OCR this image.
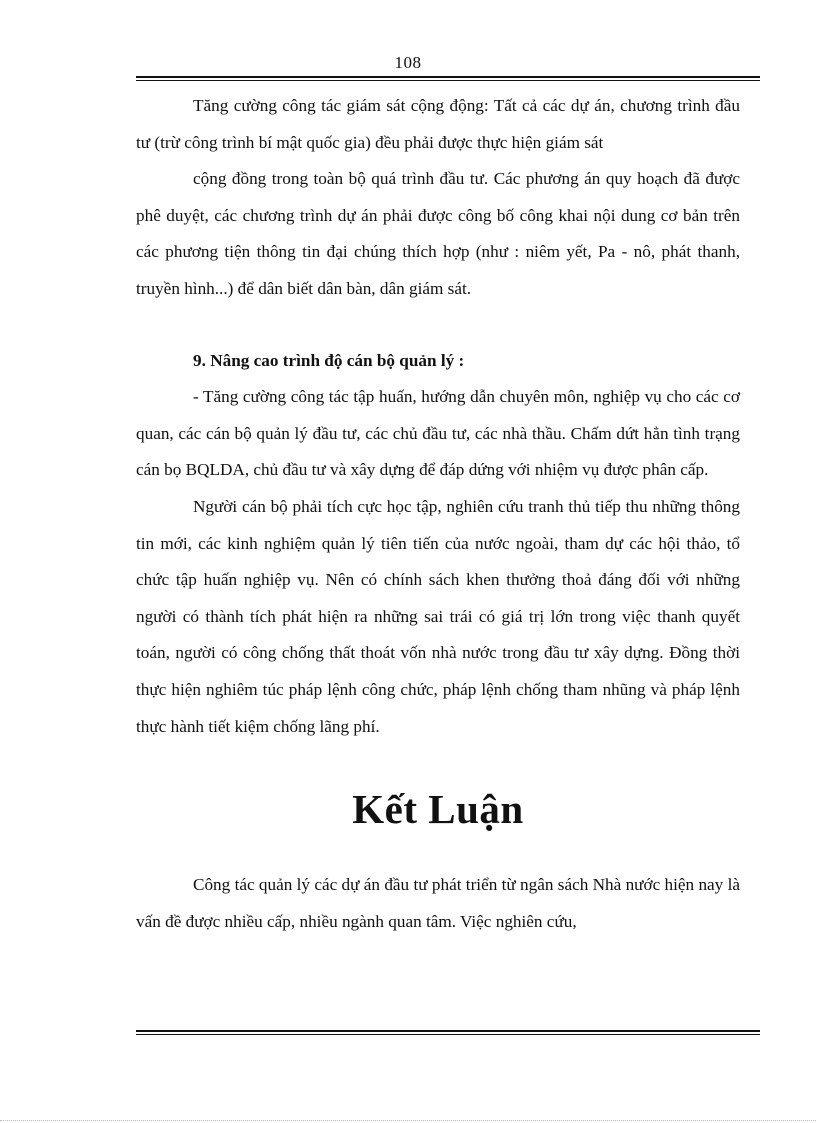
108

Tăng cường công tác giám sát cộng động: Tất cả các dự án, chương trình đầu tư (trừ công trình bí mật quốc gia) đều phải được thực hiện giám sát

cộng đồng trong toàn bộ quá trình đầu tư. Các phương án quy hoạch đã được phê duyệt, các chương trình dự án phải được công bố công khai nội dung cơ bản trên các phương tiện thông tin đại chúng thích hợp (như : niêm yết, Pa - nô, phát thanh, truyền hình...) để dân biết dân bàn, dân giám sát.

9. Nâng cao trình độ cán bộ quản lý :

- Tăng cường công tác tập huấn, hướng dẫn chuyên môn, nghiệp vụ cho các cơ quan, các cán bộ quản lý đầu tư, các chủ đầu tư, các nhà thầu. Chấm dứt hẳn tình trạng cán bọ BQLDA, chủ đầu tư và xây dựng để đáp dứng với nhiệm vụ được phân cấp.

Người cán bộ phải tích cực học tập, nghiên cứu tranh thủ tiếp thu những thông tin mới, các kinh nghiệm quản lý tiên tiến của nước ngoài, tham dự các hội thảo, tổ chức tập huấn nghiệp vụ. Nên có chính sách khen thưởng thoả đáng đối với những người có thành tích phát hiện ra những sai trái có giá trị lớn trong việc thanh quyết toán, người có công chống thất thoát vốn nhà nước trong đầu tư xây dựng. Đồng thời thực hiện nghiêm túc pháp lệnh công chức, pháp lệnh chống tham nhũng và pháp lệnh thực hành tiết kiệm chống lãng phí.

Kết Luận

Công tác quản lý các dự án đầu tư phát triển từ ngân sách Nhà nước hiện nay là vấn đề được nhiều cấp, nhiều ngành quan tâm. Việc nghiên cứu,
